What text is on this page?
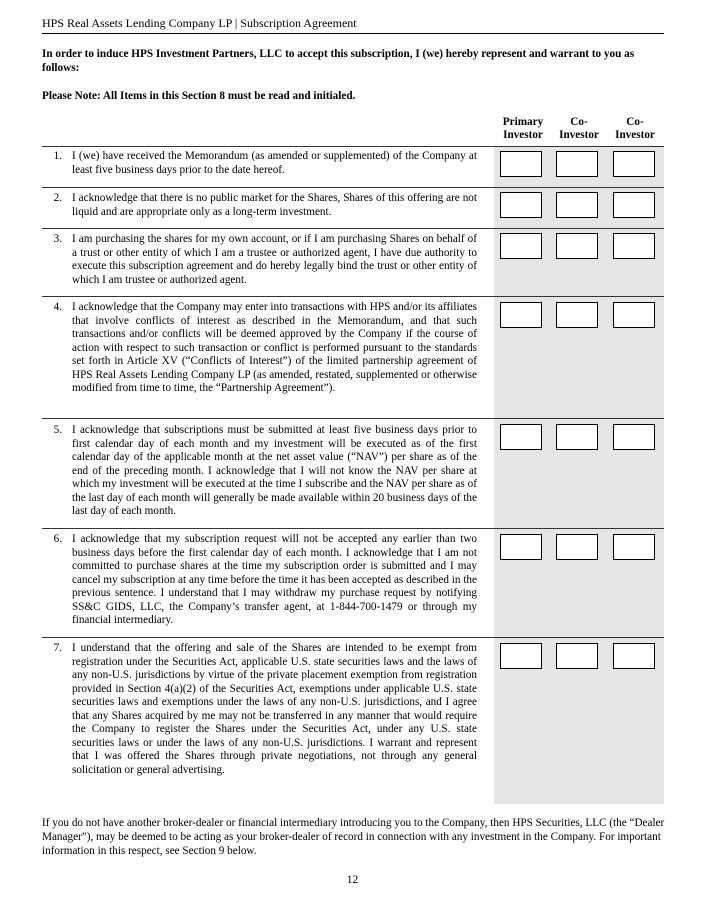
HPS Real Assets Lending Company LP | Subscription Agreement
In order to induce HPS Investment Partners, LLC to accept this subscription, I (we) hereby represent and warrant to you as follows:
Please Note: All Items in this Section 8 must be read and initialed.
Primary
Investor
Co-
Investor
Co-
Investor
1. I (we) have received the Memorandum (as amended or supplemented) of the Company at least five business days prior to the date hereof.
2. I acknowledge that there is no public market for the Shares, Shares of this offering are not liquid and are appropriate only as a long-term investment.
3. I am purchasing the shares for my own account, or if I am purchasing Shares on behalf of a trust or other entity of which I am a trustee or authorized agent, I have due authority to execute this subscription agreement and do hereby legally bind the trust or other entity of which I am trustee or authorized agent.
4. I acknowledge that the Company may enter into transactions with HPS and/or its affiliates that involve conflicts of interest as described in the Memorandum, and that such transactions and/or conflicts will be deemed approved by the Company if the course of action with respect to such transaction or conflict is performed pursuant to the standards set forth in Article XV (“Conflicts of Interest”) of the limited partnership agreement of HPS Real Assets Lending Company LP (as amended, restated, supplemented or otherwise modified from time to time, the “Partnership Agreement”).
5. I acknowledge that subscriptions must be submitted at least five business days prior to first calendar day of each month and my investment will be executed as of the first calendar day of the applicable month at the net asset value (“NAV”) per share as of the end of the preceding month. I acknowledge that I will not know the NAV per share at which my investment will be executed at the time I subscribe and the NAV per share as of the last day of each month will generally be made available within 20 business days of the last day of each month.
6. I acknowledge that my subscription request will not be accepted any earlier than two business days before the first calendar day of each month. I acknowledge that I am not committed to purchase shares at the time my subscription order is submitted and I may cancel my subscription at any time before the time it has been accepted as described in the previous sentence. I understand that I may withdraw my purchase request by notifying SS&C GIDS, LLC, the Company’s transfer agent, at 1-844-700-1479 or through my financial intermediary.
7. I understand that the offering and sale of the Shares are intended to be exempt from registration under the Securities Act, applicable U.S. state securities laws and the laws of any non-U.S. jurisdictions by virtue of the private placement exemption from registration provided in Section 4(a)(2) of the Securities Act, exemptions under applicable U.S. state securities laws and exemptions under the laws of any non-U.S. jurisdictions, and I agree that any Shares acquired by me may not be transferred in any manner that would require the Company to register the Shares under the Securities Act, under any U.S. state securities laws or under the laws of any non-U.S. jurisdictions. I warrant and represent that I was offered the Shares through private negotiations, not through any general solicitation or general advertising.
If you do not have another broker-dealer or financial intermediary introducing you to the Company, then HPS Securities, LLC (the “Dealer Manager”), may be deemed to be acting as your broker-dealer of record in connection with any investment in the Company. For important information in this respect, see Section 9 below.
12
